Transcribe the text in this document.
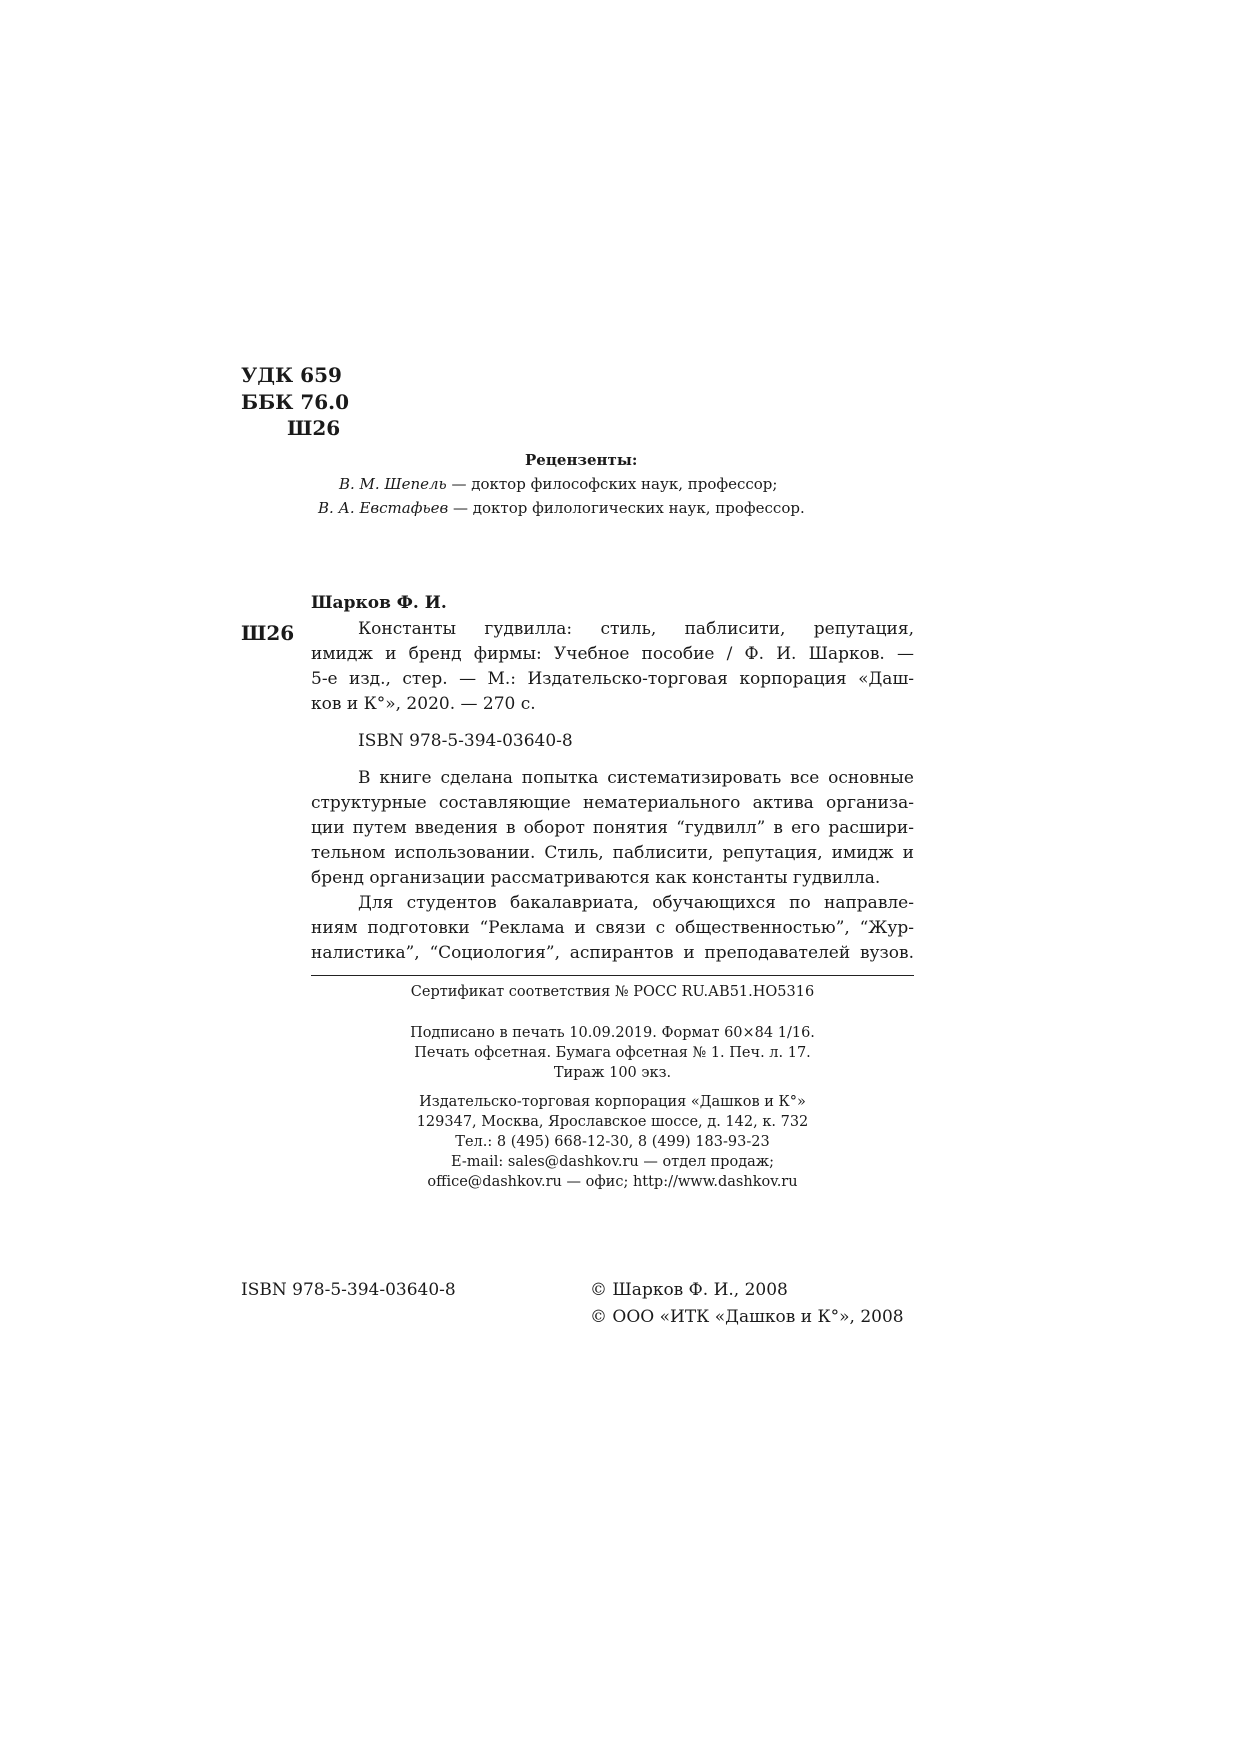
УДК 659
ББК 76.0
Ш26
Рецензенты:
В. М. Шепель — доктор философских наук, профессор;
В. А. Евстафьев — доктор филологических наук, профессор.
Шарков Ф. И.
Ш26	Константы гудвилла: стиль, паблисити, репутация,
имидж и бренд фирмы: Учебное пособие / Ф. И. Шарков. —
5-е изд., стер. — М.: Издательско-торговая корпорация «Даш-
ков и К°», 2020. — 270 с.
ISBN 978-5-394-03640-8
В книге сделана попытка систематизировать все основные
структурные составляющие нематериального актива организа-
ции путем введения в оборот понятия “гудвилл” в его расшири-
тельном использовании. Стиль, паблисити, репутация, имидж и
бренд организации рассматриваются как константы гудвилла.
Для студентов бакалавриата, обучающихся по направле-
ниям подготовки “Реклама и связи с общественностью”, “Жур-
налистика”, “Социология”, аспирантов и преподавателей вузов.
Сертификат соответствия № РОСС RU.АВ51.НО5316
Подписано в печать 10.09.2019. Формат 60×84 1/16.
Печать офсетная. Бумага офсетная № 1. Печ. л. 17.
Тираж 100 экз.
Издательско-торговая корпорация «Дашков и К°»
129347, Москва, Ярославское шоссе, д. 142, к. 732
Тел.: 8 (495) 668-12-30, 8 (499) 183-93-23
E-mail: sales@dashkov.ru — отдел продаж;
office@dashkov.ru — офис; http://www.dashkov.ru
ISBN 978-5-394-03640-8	© Шарков Ф. И., 2008
© ООО «ИТК «Дашков и К°», 2008
